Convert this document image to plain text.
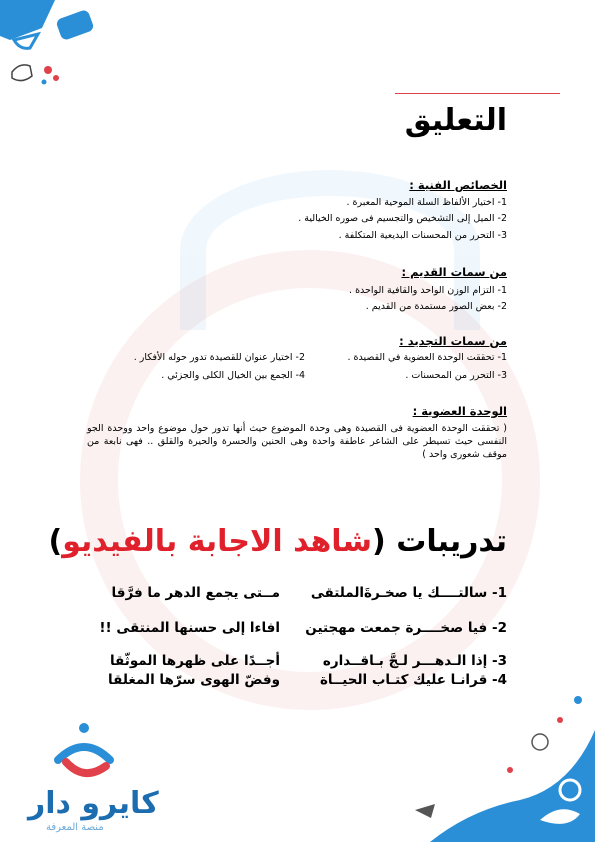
التعليق
الخصائص الفنية :
1- اختيار الألفاظ السلة الموحية المعبرة .
2- الميل إلى التشخيص والتجسيم فى صوره الخيالية .
3- التحرر من المحسنات البديعية المتكلفة .
من سمات القديم :
1- التزام الوزن الواحد والقافية الواحدة .
2- بعض الصور مستمدة من القديم .
من سمات التجديد :
1- تحققت الوحدة العضوية في القصيدة .
2- اختيار عنوان للقصيدة تدور حوله الأفكار .
3- التحرر من المحسنات .
4- الجمع بين الخيال الكلى والجزئي .
الوحدة العضوية :
( تحققت الوحدة العضوية فى القصيدة وهى وحدة الموضوع حيث أنها تدور حول موضوع واحد ووحدة الجو النفسى حيث تسيطر على الشاعر عاطفة واحدة وهى الحنين والحسرة والحيرة والقلق .. فهى نابعة من موقف شعورى واحد )
تدريبات (شاهد الاجابة بالفيديو)
1- سالتــــك يا صخـرةَالملتقى
مــتى يجمع الدهر ما فرَّقا
2- فيا صخــــرة جمعت مهجتين
افاءا إلى حسنها المنتقى !!
3- إذا الـدهـــر لـجَّ بـاقــداره
أجــدًا على ظهرها الموثّقا
4- قرانـا عليك كتـاب الحيــاة
وفضّ الهوى سرّها المغلقا
كايرو دار
منصة المعرفة
